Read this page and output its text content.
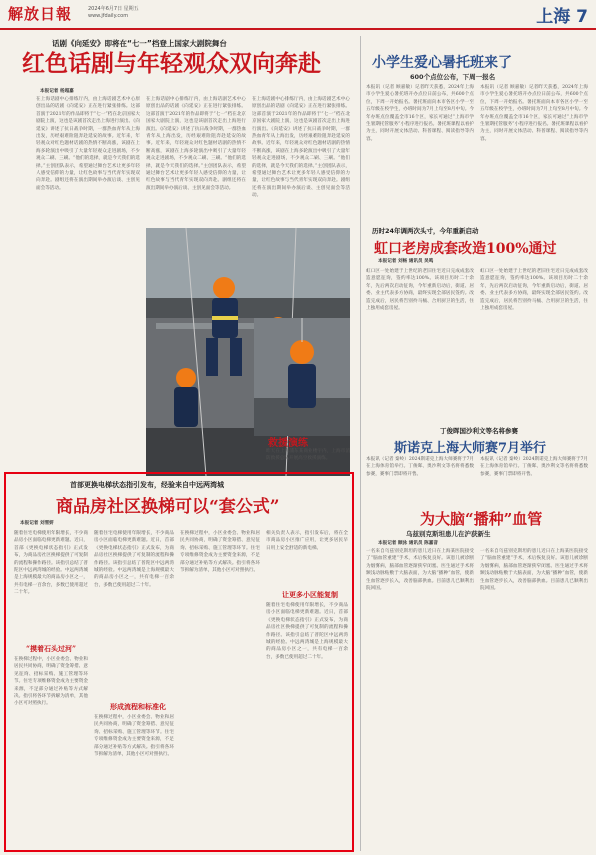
解放日報	2024年6月7日 星期五
www.jfdaily.com	上海 7
话剧《向延安》即将在“七一”档登上国家大剧院舞台
红色话剧与年轻观众双向奔赴
本报记者 杨超嘉
在上海话剧中心排练厅内，由上海话剧艺术中心原创出品的话剧《向延安》正在进行紧张排练。这部首演于2021年的作品即将于“七一”档在北京国家大剧院上演，这也是该剧首次走出上海进行演出。《向延安》讲述了抗日战争时期，一群热血青年从上海出发，历经艰难险阻奔赴延安的故事。近年来，年轻观众对红色题材话剧的热情不断高涨，该剧在上海多轮演出中吸引了大量年轻观众走进剧场，不少观众二刷、三刷。“他们的选择，就是今天我们的选择。”主创团队表示，希望通过舞台艺术让更多年轻人感受信仰的力量，让红色故事与当代青年实现双向奔赴。剧组还将在演出期间举办演后谈、主创见面会等活动。
在上海话剧中心排练厅内，由上海话剧艺术中心原创出品的话剧《向延安》正在进行紧张排练。这部首演于2021年的作品即将于“七一”档在北京国家大剧院上演，这也是该剧首次走出上海进行演出。《向延安》讲述了抗日战争时期，一群热血青年从上海出发，历经艰难险阻奔赴延安的故事。近年来，年轻观众对红色题材话剧的热情不断高涨，该剧在上海多轮演出中吸引了大量年轻观众走进剧场，不少观众二刷、三刷。“他们的选择，就是今天我们的选择。”主创团队表示，希望通过舞台艺术让更多年轻人感受信仰的力量，让红色故事与当代青年实现双向奔赴。剧组还将在演出期间举办演后谈、主创见面会等活动。
在上海话剧中心排练厅内，由上海话剧艺术中心原创出品的话剧《向延安》正在进行紧张排练。这部首演于2021年的作品即将于“七一”档在北京国家大剧院上演，这也是该剧首次走出上海进行演出。《向延安》讲述了抗日战争时期，一群热血青年从上海出发，历经艰难险阻奔赴延安的故事。近年来，年轻观众对红色题材话剧的热情不断高涨，该剧在上海多轮演出中吸引了大量年轻观众走进剧场，不少观众二刷、三刷。“他们的选择，就是今天我们的选择。”主创团队表示，希望通过舞台艺术让更多年轻人感受信仰的力量，让红色故事与当代青年实现双向奔赴。剧组还将在演出期间举办演后谈、主创见面会等活动。
救援演练
昨天在上海浦东某商业楼宇内，上海市消防救援总队开展高空救援演练。
小学生爱心暑托班来了
600个点位公布，下周一报名
本报讯（记者 顾嘉敏）记者昨天获悉，2024年上海市小学生爱心暑托班开办点位日前公布，共600个点位，下周一开始报名。暑托班面向本市各区小学一至五年级在校学生，办班时间为7月上旬至8月中旬。今年办班点位覆盖全市16个区，家长可通过“上海市学生暑期托管服务”小程序进行报名。暑托班课程以看护为主，同时开展文体活动、科普课程、阅读指导等内容。
本报讯（记者 顾嘉敏）记者昨天获悉，2024年上海市小学生爱心暑托班开办点位日前公布，共600个点位，下周一开始报名。暑托班面向本市各区小学一至五年级在校学生，办班时间为7月上旬至8月中旬。今年办班点位覆盖全市16个区，家长可通过“上海市学生暑期托管服务”小程序进行报名。暑托班课程以看护为主，同时开展文体活动、科普课程、阅读指导等内容。
历时24年调两次头寸，今年重新启动
虹口老房成套改造100%通过
本报记者 刘畅 通讯员 吴鸣
虹口区一处始建于上世纪的老旧住宅近日完成成套改造意愿征询，签约率达100%。该项目历时二十余年，先后两次启动征询，今年重新启动后，街道、居委、业主代表多方协商，最终实现全部居民签约。改造完成后，居民将告别拎马桶、合用厨卫的生活，住上独用成套房屋。
虹口区一处始建于上世纪的老旧住宅近日完成成套改造意愿征询，签约率达100%。该项目历时二十余年，先后两次启动征询，今年重新启动后，街道、居委、业主代表多方协商，最终实现全部居民签约。改造完成后，居民将告别拎马桶、合用厨卫的生活，住上独用成套房屋。
丁俊晖国沙利文等名将参赛
斯诺克上海大师赛7月举行
本报讯（记者 秦岭）2024斯诺克上海大师赛将于7月在上海体育馆举行。丁俊晖、奥沙利文等名将将悉数参赛，赛事门票即将开售。
本报讯（记者 秦岭）2024斯诺克上海大师赛将于7月在上海体育馆举行。丁俊晖、奥沙利文等名将将悉数参赛，赛事门票即将开售。
为大脑“播种”血管
乌兹别克斯坦患儿在沪获新生
本报记者 顾泳 通讯员 陈嘉音
一名来自乌兹别克斯坦的患儿近日在上海某医院接受了“脑血管重建”手术，术后恢复良好。该患儿被诊断为烟雾病，脑部血管逐渐狭窄闭塞。医生通过手术将颞浅动脉贴敷于大脑表面，为大脑“播种”血管，使新生血管逐步长入，改善脑部供血。目前患儿已顺利出院回国。
一名来自乌兹别克斯坦的患儿近日在上海某医院接受了“脑血管重建”手术，术后恢复良好。该患儿被诊断为烟雾病，脑部血管逐渐狭窄闭塞。医生通过手术将颞浅动脉贴敷于大脑表面，为大脑“播种”血管，使新生血管逐步长入，改善脑部供血。目前患儿已顺利出院回国。
首部更换电梯状态指引发布，经验来自中远两湾城
商品房社区换梯可以“套公式”
本报记者 刘雪妍
随着住宅电梯使用年限增长，不少商品房小区面临电梯更新难题。近日，首部《更换电梯状态指引》正式发布，为商品房社区换梯提供了可复制的流程和操作路径。该指引总结了普陀区中远两湾城的经验。中远两湾城是上海规模最大的商品房小区之一，共有电梯一百余台，多数已使用超过二十年。
“摸着石头过河”
在换梯过程中，小区业委会、物业和居民共同协商，明确了资金筹措、意见征询、招标采购、施工管理等环节。住宅专项维修资金成为主要资金来源，不足部分通过补贴等方式解决。指引将各环节拆解为清单，其他小区可对照执行。
随着住宅电梯使用年限增长，不少商品房小区面临电梯更新难题。近日，首部《更换电梯状态指引》正式发布，为商品房社区换梯提供了可复制的流程和操作路径。该指引总结了普陀区中远两湾城的经验。中远两湾城是上海规模最大的商品房小区之一，共有电梯一百余台，多数已使用超过二十年。
形成流程和标准化
在换梯过程中，小区业委会、物业和居民共同协商，明确了资金筹措、意见征询、招标采购、施工管理等环节。住宅专项维修资金成为主要资金来源，不足部分通过补贴等方式解决。指引将各环节拆解为清单，其他小区可对照执行。
在换梯过程中，小区业委会、物业和居民共同协商，明确了资金筹措、意见征询、招标采购、施工管理等环节。住宅专项维修资金成为主要资金来源，不足部分通过补贴等方式解决。指引将各环节拆解为清单，其他小区可对照执行。
相关负责人表示，指引发布后，将在全市商品房小区推广应用，让更多居民早日用上安全舒适的新电梯。
让更多小区能复制
随着住宅电梯使用年限增长，不少商品房小区面临电梯更新难题。近日，首部《更换电梯状态指引》正式发布，为商品房社区换梯提供了可复制的流程和操作路径。该指引总结了普陀区中远两湾城的经验。中远两湾城是上海规模最大的商品房小区之一，共有电梯一百余台，多数已使用超过二十年。
